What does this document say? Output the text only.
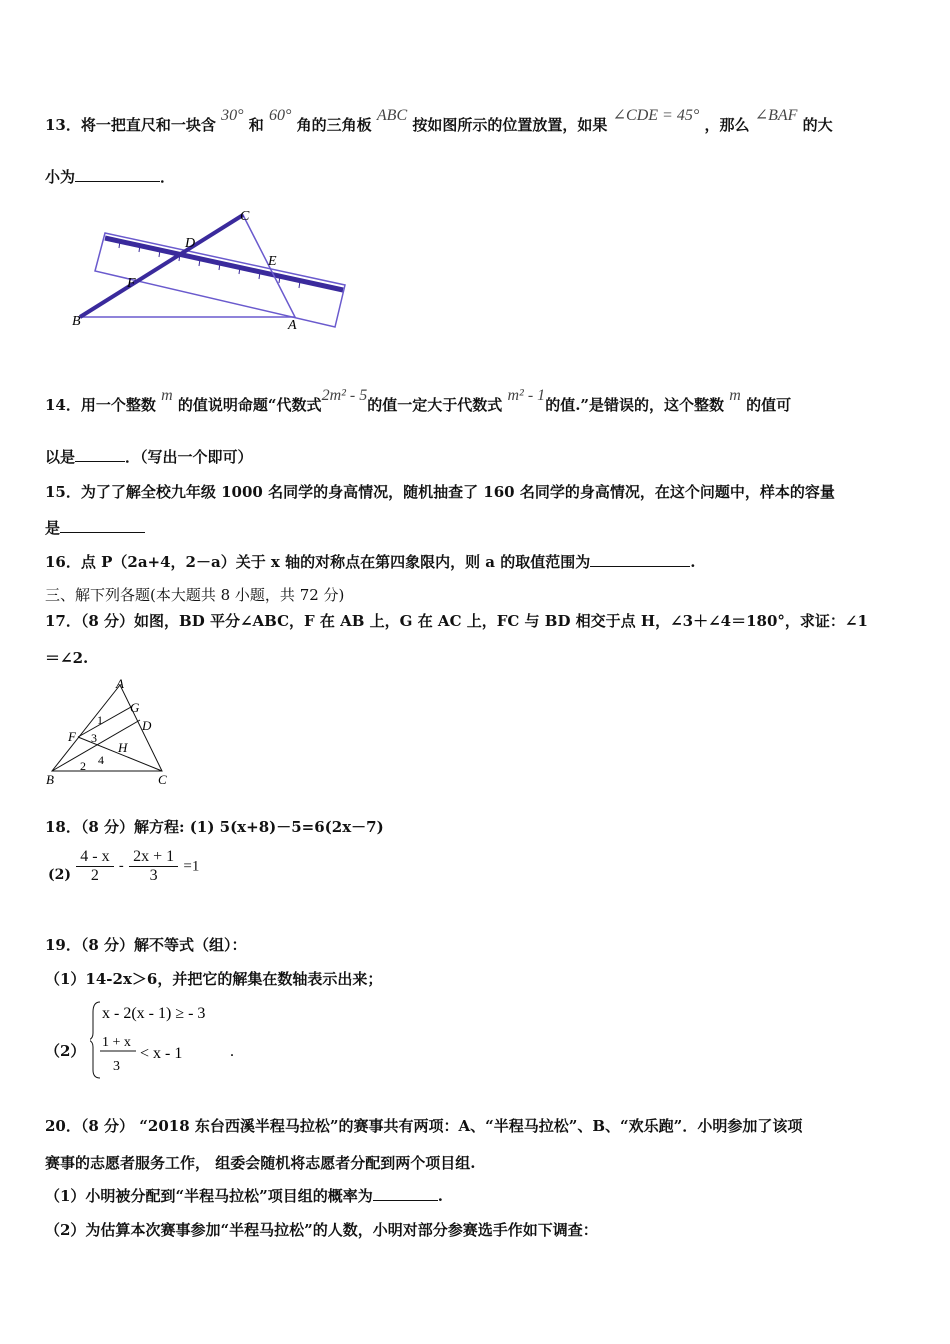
13．将一把直尺和一块含 30° 和 60° 角的三角板 ABC 按如图所示的位置放置，如果 ∠CDE = 45° ，那么 ∠BAF 的大
小为	．
C
D
E
F
B	A
14．用一个整数 m 的值说明命题“代数式2m² - 5的值一定大于代数式 m² - 1的值.”是错误的，这个整数 m 的值可
以是	．（写出一个即可）
15．为了了解全校九年级 1000 名同学的身高情况，随机抽查了 160 名同学的身高情况，在这个问题中，样本的容量
是
16．点 P（2a+4，2－a）关于 x 轴的对称点在第四象限内，则 a 的取值范围为	.
三、解下列各题(本大题共 8 小题，共 72 分)
17．（8 分）如图，BD 平分∠ABC，F 在 AB 上，G 在 AC 上，FC 与 BD 相交于点 H，∠3＋∠4＝180°，求证：∠1
＝∠2.
A
G
D
F
H
B	C
1
2
3
4
18．（8 分）解方程: (1) 5(x+8)－5=6(2x－7)
$(2) \frac{4 - x}{2} - \frac{2x + 1}{3} =1$
19．（8 分）解不等式（组）：
（1）14-2x＞6，并把它的解集在数轴表示出来；
（2）
x - 2(x - 1) ≥ - 3
1 + x
3
< x - 1	.
20．（8 分） “2018 东台西溪半程马拉松”的赛事共有两项：A、“半程马拉松”、B、“欢乐跑”．小明参加了该项
赛事的志愿者服务工作， 组委会随机将志愿者分配到两个项目组.
（1）小明被分配到“半程马拉松”项目组的概率为	.
（2）为估算本次赛事参加“半程马拉松”的人数，小明对部分参赛选手作如下调查：
